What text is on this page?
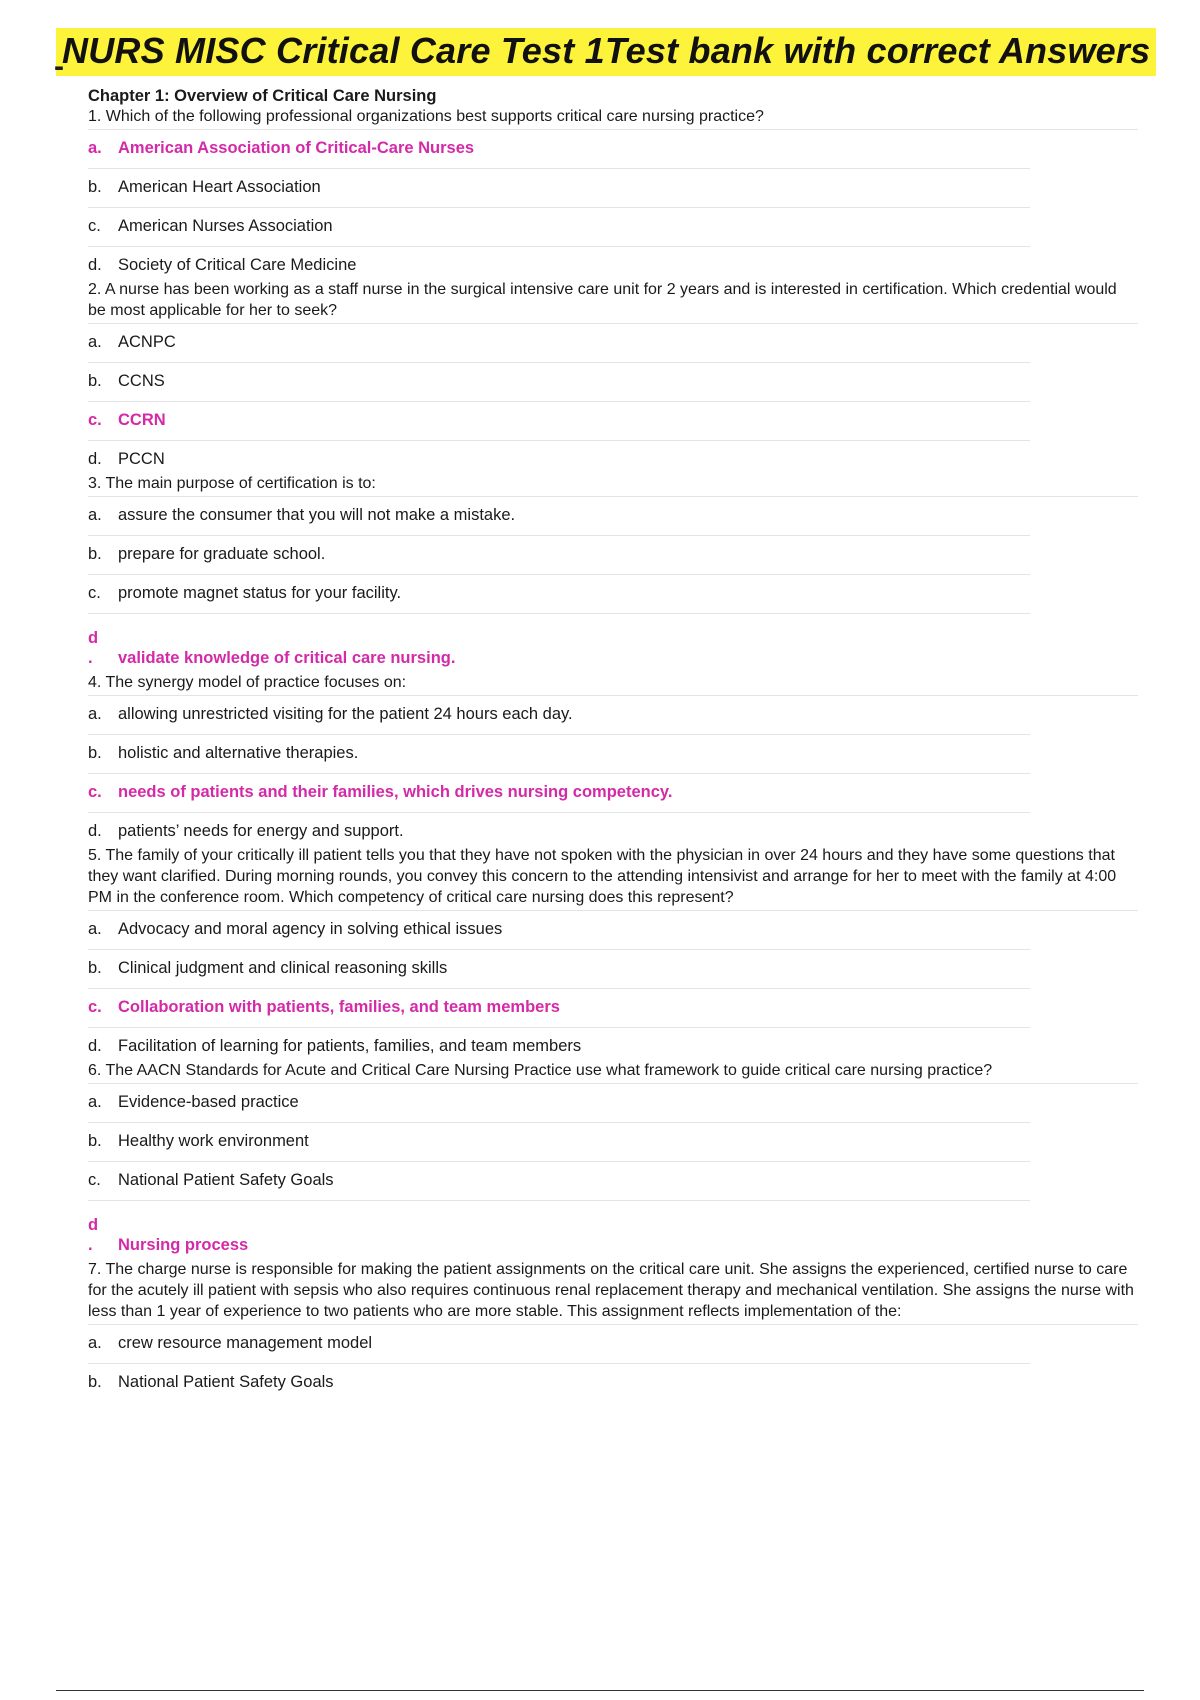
-
NURS MISC Critical Care Test 1Test bank with correct Answers

Chapter 1: Overview of Critical Care Nursing

1. Which of the following professional organizations best supports critical care nursing practice?

a. American Association of Critical-Care Nurses
b. American Heart Association
c.	American Nurses Association
d. Society of Critical Care Medicine

2. A nurse has been working as a staff nurse in the surgical intensive care unit for 2 years and is interested in certification. Which credential would be most applicable for her to seek?

a. ACNPC
b. CCNS
c. CCRN
d. PCCN

3. The main purpose of certification is to:

a. assure the consumer that you will not make a mistake.
b. prepare for graduate school.
c.	promote magnet status for your facility.
d
.	validate knowledge of critical care nursing.

4. The synergy model of practice focuses on:

a. allowing unrestricted visiting for the patient 24 hours each day.
b. holistic and alternative therapies.
c. needs of patients and their families, which drives nursing competency.
d. patients’ needs for energy and support.

5. The family of your critically ill patient tells you that they have not spoken with the physician in over 24 hours and they have some questions that they want clarified. During morning rounds, you convey this concern to the attending intensivist and arrange for her to meet with the family at 4:00 PM in the conference room. Which competency of critical care nursing does this represent?

a. Advocacy and moral agency in solving ethical issues
b. Clinical judgment and clinical reasoning skills
c. Collaboration with patients, families, and team members
d. Facilitation of learning for patients, families, and team members

6. The AACN Standards for Acute and Critical Care Nursing Practice use what framework to guide critical care nursing practice?

a. Evidence-based practice
b. Healthy work environment
c.	National Patient Safety Goals
d
.	Nursing process

7. The charge nurse is responsible for making the patient assignments on the critical care unit. She assigns the experienced, certified nurse to care for the acutely ill patient with sepsis who also requires continuous renal replacement therapy and mechanical ventilation. She assigns the nurse with less than 1 year of experience to two patients who are more stable. This assignment reflects implementation of the:

a. crew resource management model
b. National Patient Safety Goals
